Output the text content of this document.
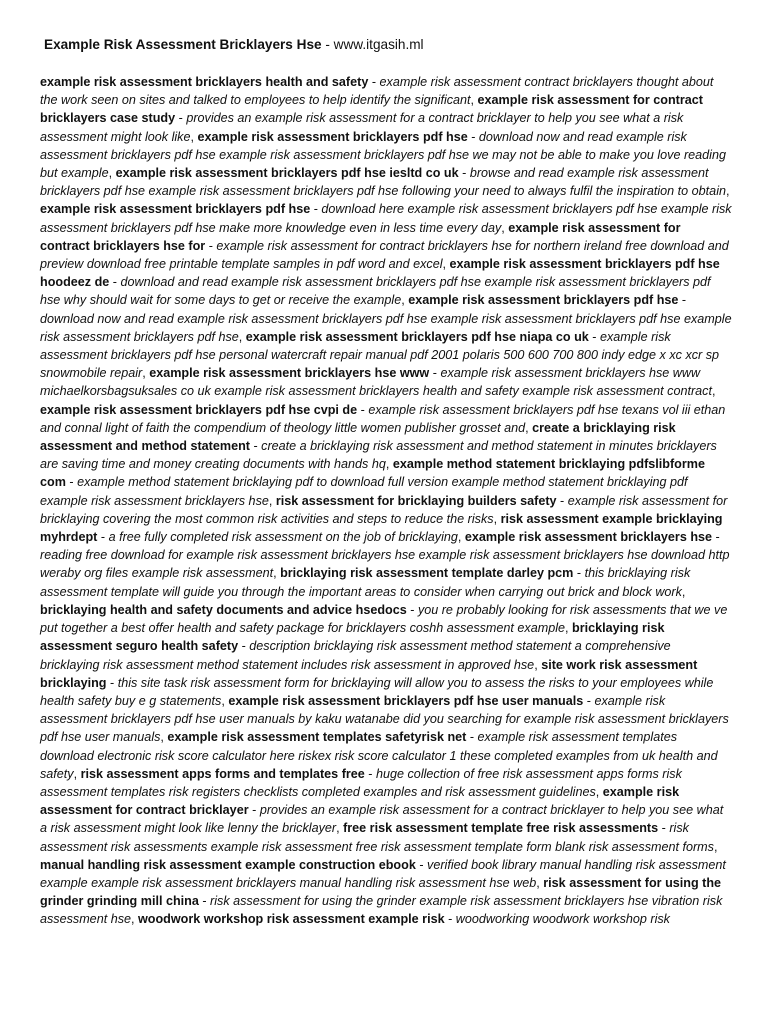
Example Risk Assessment Bricklayers Hse - www.itgasih.ml
example risk assessment bricklayers health and safety - example risk assessment contract bricklayers thought about the work seen on sites and talked to employees to help identify the significant, example risk assessment for contract bricklayers case study - provides an example risk assessment for a contract bricklayer to help you see what a risk assessment might look like, example risk assessment bricklayers pdf hse - download now and read example risk assessment bricklayers pdf hse example risk assessment bricklayers pdf hse we may not be able to make you love reading but example, example risk assessment bricklayers pdf hse iesltd co uk - browse and read example risk assessment bricklayers pdf hse example risk assessment bricklayers pdf hse following your need to always fulfil the inspiration to obtain, example risk assessment bricklayers pdf hse - download here example risk assessment bricklayers pdf hse example risk assessment bricklayers pdf hse make more knowledge even in less time every day, example risk assessment for contract bricklayers hse for - example risk assessment for contract bricklayers hse for northern ireland free download and preview download free printable template samples in pdf word and excel, example risk assessment bricklayers pdf hse hoodeez de - download and read example risk assessment bricklayers pdf hse example risk assessment bricklayers pdf hse why should wait for some days to get or receive the example, example risk assessment bricklayers pdf hse - download now and read example risk assessment bricklayers pdf hse example risk assessment bricklayers pdf hse example risk assessment bricklayers pdf hse, example risk assessment bricklayers pdf hse niapa co uk - example risk assessment bricklayers pdf hse personal watercraft repair manual pdf 2001 polaris 500 600 700 800 indy edge x xc xcr sp snowmobile repair, example risk assessment bricklayers hse www - example risk assessment bricklayers hse www michaelkorsbagsuksales co uk example risk assessment bricklayers health and safety example risk assessment contract, example risk assessment bricklayers pdf hse cvpi de - example risk assessment bricklayers pdf hse texans vol iii ethan and connal light of faith the compendium of theology little women publisher grosset and, create a bricklaying risk assessment and method statement - create a bricklaying risk assessment and method statement in minutes bricklayers are saving time and money creating documents with hands hq, example method statement bricklaying pdfslibforme com - example method statement bricklaying pdf to download full version example method statement bricklaying pdf example risk assessment bricklayers hse, risk assessment for bricklaying builders safety - example risk assessment for bricklaying covering the most common risk activities and steps to reduce the risks, risk assessment example bricklaying myhrdept - a free fully completed risk assessment on the job of bricklaying, example risk assessment bricklayers hse - reading free download for example risk assessment bricklayers hse example risk assessment bricklayers hse download http weraby org files example risk assessment, bricklaying risk assessment template darley pcm - this bricklaying risk assessment template will guide you through the important areas to consider when carrying out brick and block work, bricklaying health and safety documents and advice hsedocs - you re probably looking for risk assessments that we ve put together a best offer health and safety package for bricklayers coshh assessment example, bricklaying risk assessment seguro health safety - description bricklaying risk assessment method statement a comprehensive bricklaying risk assessment method statement includes risk assessment in approved hse, site work risk assessment bricklaying - this site task risk assessment form for bricklaying will allow you to assess the risks to your employees while health safety buy e g statements, example risk assessment bricklayers pdf hse user manuals - example risk assessment bricklayers pdf hse user manuals by kaku watanabe did you searching for example risk assessment bricklayers pdf hse user manuals, example risk assessment templates safetyrisk net - example risk assessment templates download electronic risk score calculator here riskex risk score calculator 1 these completed examples from uk health and safety, risk assessment apps forms and templates free - huge collection of free risk assessment apps forms risk assessment templates risk registers checklists completed examples and risk assessment guidelines, example risk assessment for contract bricklayer - provides an example risk assessment for a contract bricklayer to help you see what a risk assessment might look like lenny the bricklayer, free risk assessment template free risk assessments - risk assessment risk assessments example risk assessment free risk assessment template form blank risk assessment forms, manual handling risk assessment example construction ebook - verified book library manual handling risk assessment example example risk assessment bricklayers manual handling risk assessment hse web, risk assessment for using the grinder grinding mill china - risk assessment for using the grinder example risk assessment bricklayers hse vibration risk assessment hse, woodwork workshop risk assessment example risk - woodworking woodwork workshop risk
